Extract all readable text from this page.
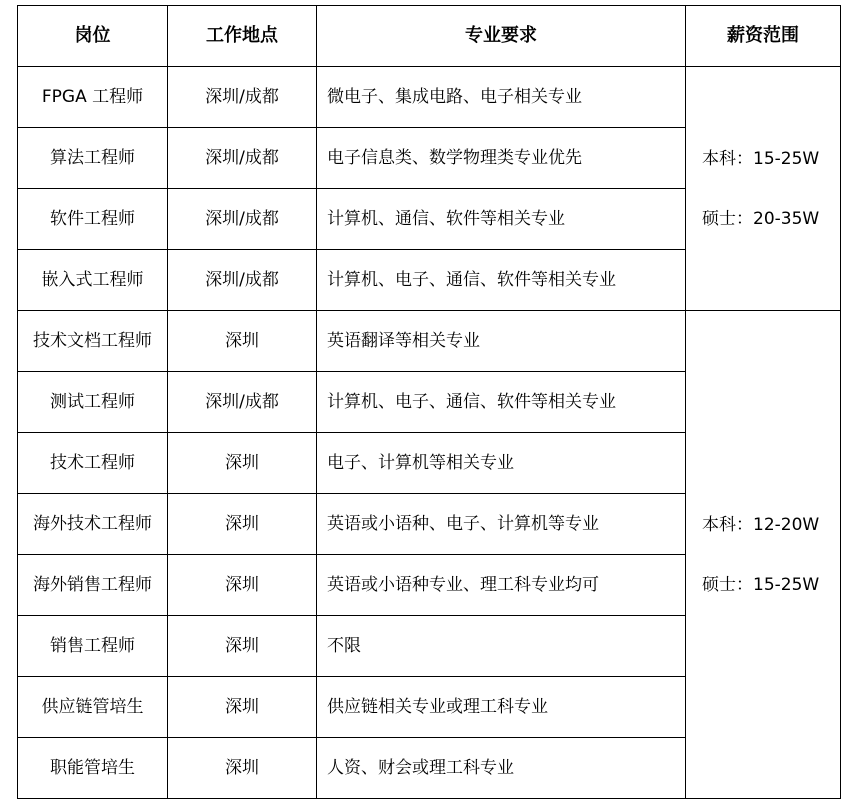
岗位	工作地点	专业要求	薪资范围
FPGA 工程师	深圳/成都	微电子、集成电路、电子相关专业	本科：15-25W
硕士：20-35W

算法工程师	深圳/成都	电子信息类、数学物理类专业优先	
软件工程师	深圳/成都	计算机、通信、软件等相关专业	
嵌入式工程师	深圳/成都	计算机、电子、通信、软件等相关专业	
技术文档工程师	深圳	英语翻译等相关专业	本科：12-20W
硕士：15-25W

测试工程师	深圳/成都	计算机、电子、通信、软件等相关专业	
技术工程师	深圳	电子、计算机等相关专业	
海外技术工程师	深圳	英语或小语种、电子、计算机等专业	
海外销售工程师	深圳	英语或小语种专业、理工科专业均可	
销售工程师	深圳	不限	
供应链管培生	深圳	供应链相关专业或理工科专业	
职能管培生	深圳	人资、财会或理工科专业	
